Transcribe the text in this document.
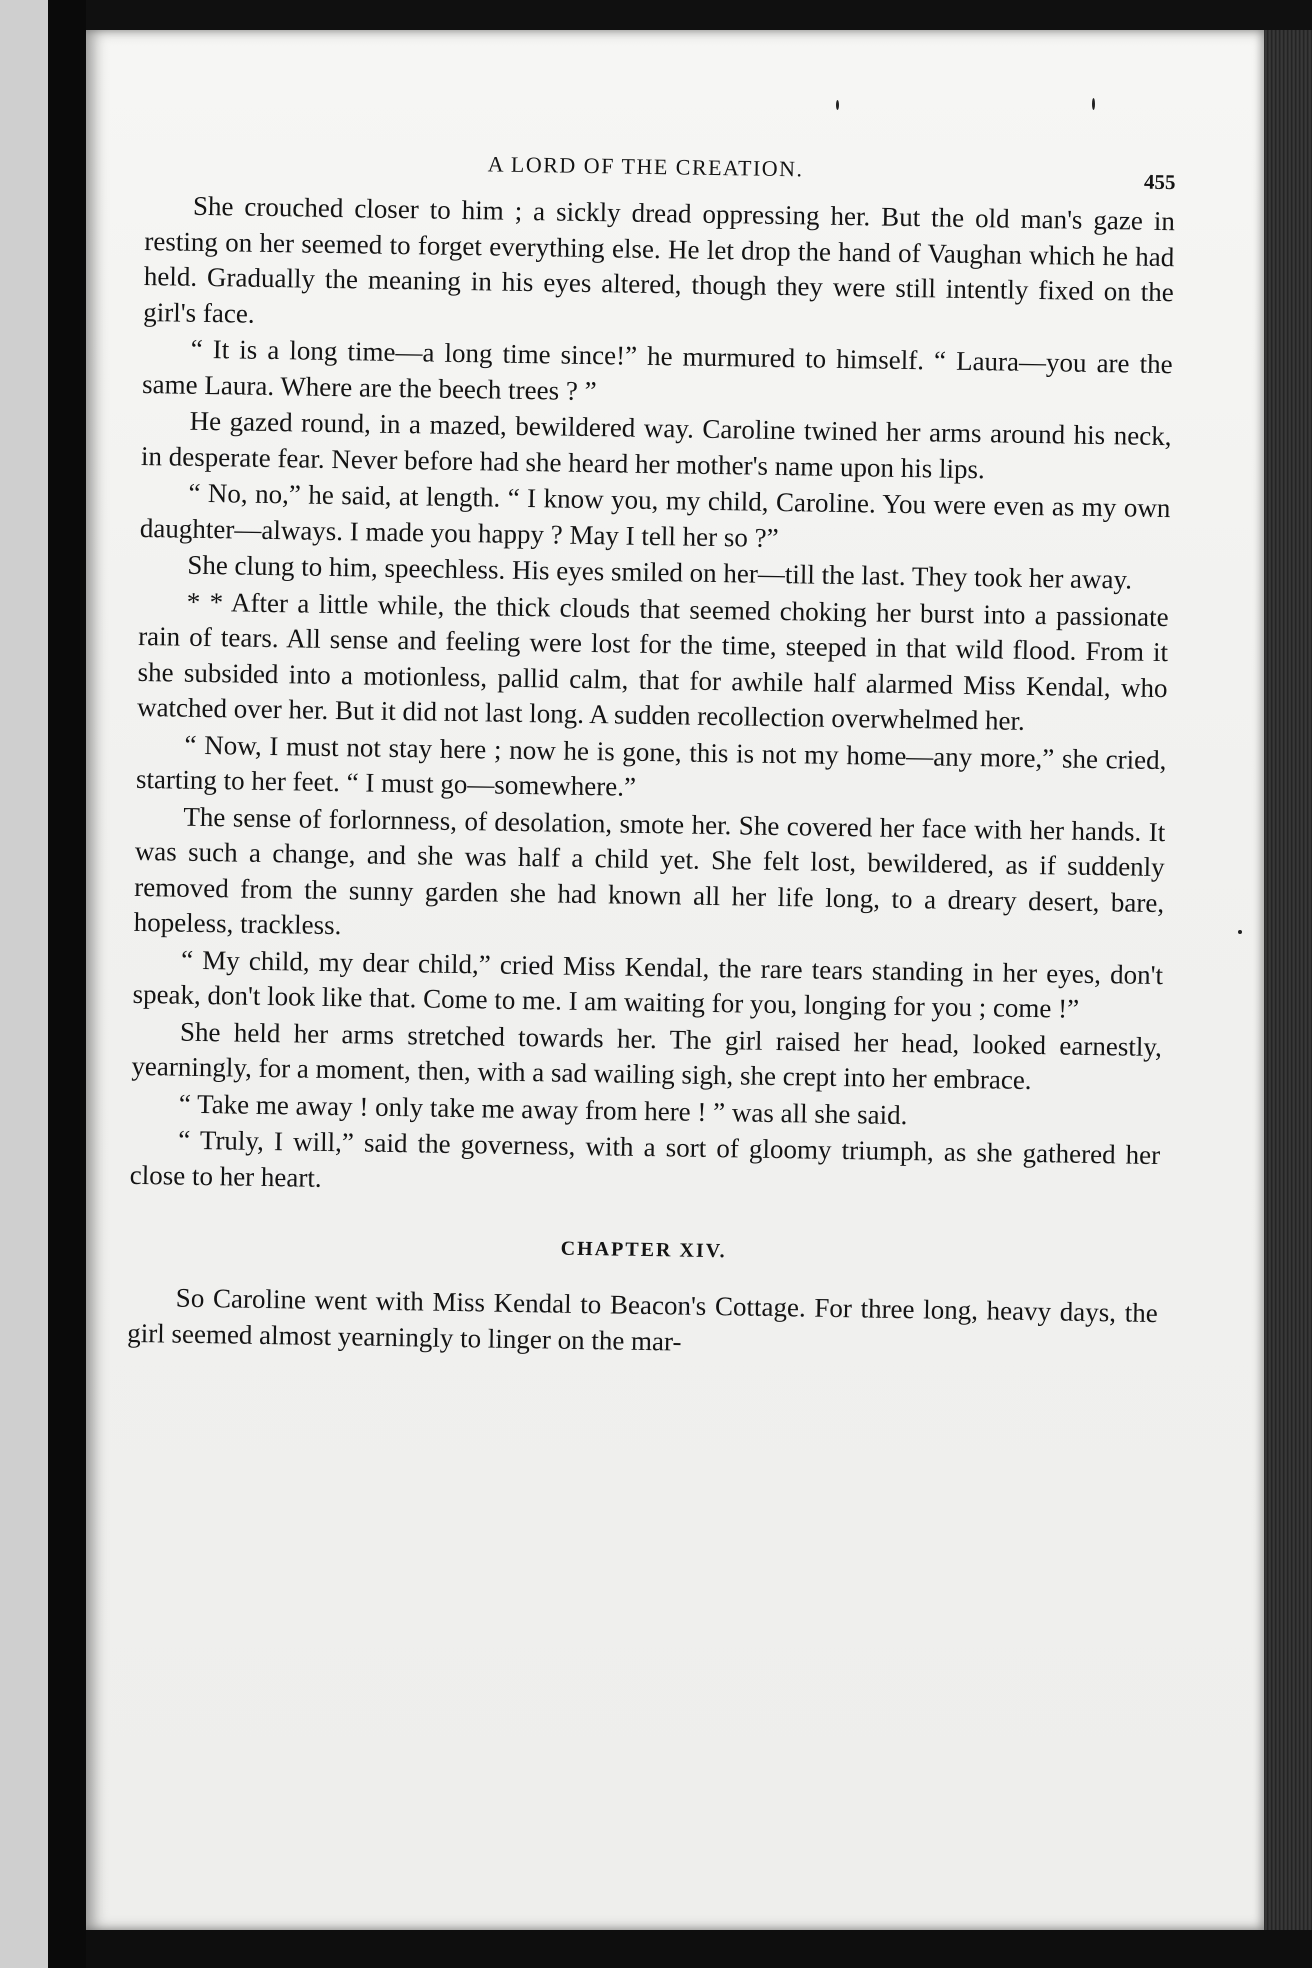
A LORD OF THE CREATION.
455

She crouched closer to him ; a sickly dread oppressing her. But the old man's gaze in resting on her seemed to forget everything else. He let drop the hand of Vaughan which he had held. Gradually the meaning in his eyes altered, though they were still intently fixed on the girl's face.

“ It is a long time—a long time since!” he murmured to himself. “ Laura—you are the same Laura. Where are the beech trees ? ”

He gazed round, in a mazed, bewildered way. Caroline twined her arms around his neck, in desperate fear. Never before had she heard her mother's name upon his lips.

“ No, no,” he said, at length. “ I know you, my child, Caroline. You were even as my own daughter—always. I made you happy ? May I tell her so ?”

She clung to him, speechless. His eyes smiled on her—till the last. They took her away.

* * After a little while, the thick clouds that seemed choking her burst into a passionate rain of tears. All sense and feeling were lost for the time, steeped in that wild flood. From it she subsided into a motionless, pallid calm, that for awhile half alarmed Miss Kendal, who watched over her. But it did not last long. A sudden recollection overwhelmed her.

“ Now, I must not stay here ; now he is gone, this is not my home—any more,” she cried, starting to her feet. “ I must go—somewhere.”

The sense of forlornness, of desolation, smote her. She covered her face with her hands. It was such a change, and she was half a child yet. She felt lost, bewildered, as if suddenly removed from the sunny garden she had known all her life long, to a dreary desert, bare, hopeless, trackless.

“ My child, my dear child,” cried Miss Kendal, the rare tears standing in her eyes, don't speak, don't look like that. Come to me. I am waiting for you, longing for you ; come !”

She held her arms stretched towards her. The girl raised her head, looked earnestly, yearningly, for a moment, then, with a sad wailing sigh, she crept into her embrace.

“ Take me away ! only take me away from here ! ” was all she said.

“ Truly, I will,” said the governess, with a sort of gloomy triumph, as she gathered her close to her heart.

CHAPTER XIV.

So Caroline went with Miss Kendal to Beacon's Cottage. For three long, heavy days, the girl seemed almost yearningly to linger on the mar-
